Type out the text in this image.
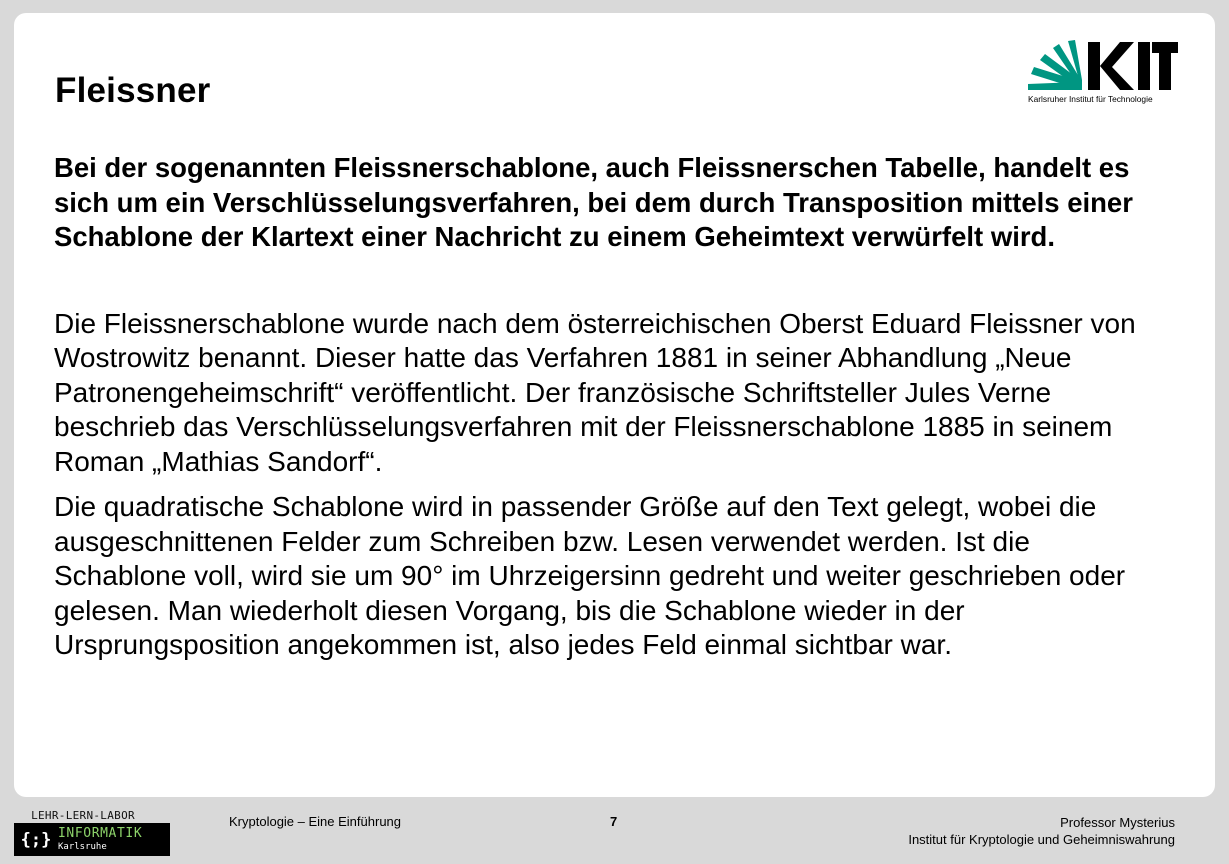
Fleissner	Karlsruher Institut für Technologie

Bei der sogenannten Fleissnerschablone, auch Fleissnerschen Tabelle, handelt es sich um ein Verschlüsselungsverfahren, bei dem durch Transposition mittels einer Schablone der Klartext einer Nachricht zu einem Geheimtext verwürfelt wird.

Die Fleissnerschablone wurde nach dem österreichischen Oberst Eduard Fleissner von Wostrowitz benannt. Dieser hatte das Verfahren 1881 in seiner Abhandlung „Neue Patronengeheimschrift“ veröffentlicht. Der französische Schriftsteller Jules Verne beschrieb das Verschlüsselungsverfahren mit der Fleissnerschablone 1885 in seinem Roman „Mathias Sandorf“.

Die quadratische Schablone wird in passender Größe auf den Text gelegt, wobei die ausgeschnittenen Felder zum Schreiben bzw. Lesen verwendet werden. Ist die Schablone voll, wird sie um 90° im Uhrzeigersinn gedreht und weiter geschrieben oder gelesen. Man wiederholt diesen Vorgang, bis die Schablone wieder in der Ursprungsposition angekommen ist, also jedes Feld einmal sichtbar war.

LEHR-LERN-LABOR
{;} INFORMATIK
Karlsruhe
Kryptologie – Eine Einführung	7	Professor Mysterius
Institut für Kryptologie und Geheimniswahrung
